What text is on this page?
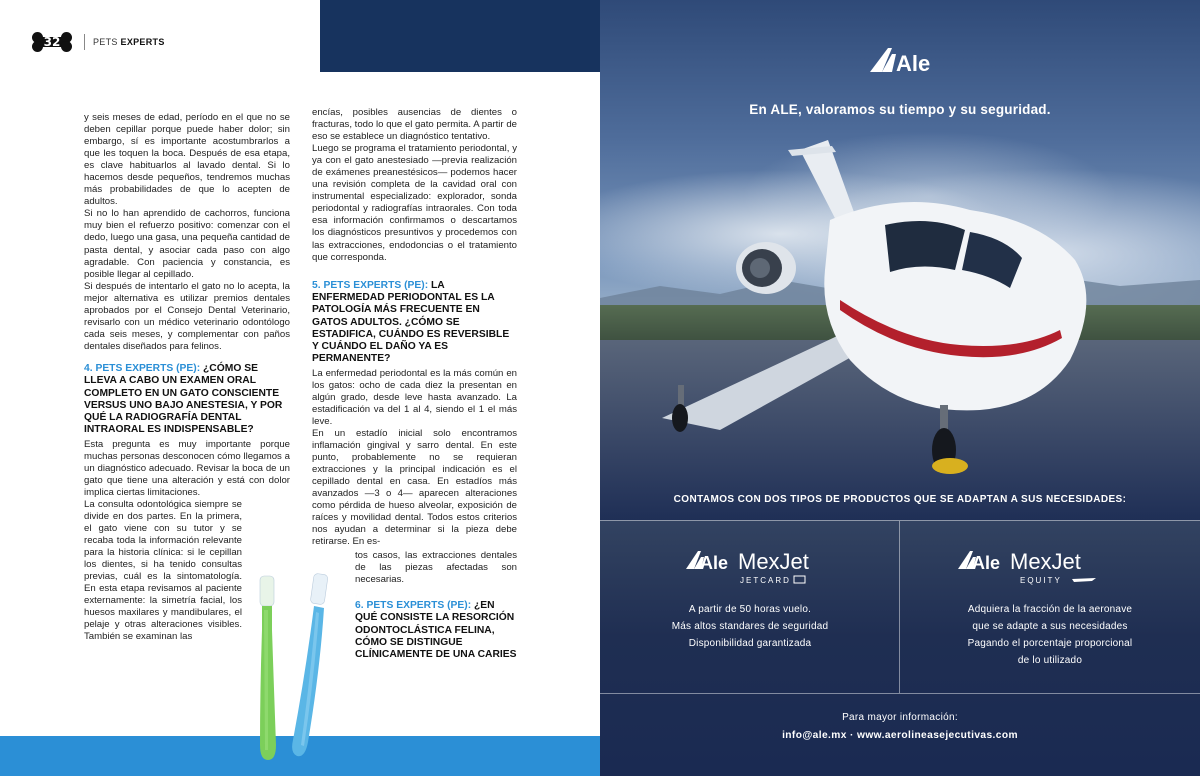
32	PETS EXPERTS

y seis meses de edad, período en el que no se deben cepillar porque puede haber dolor; sin embargo, sí es importante acostumbrarlos a que les toquen la boca. Después de esa etapa, es clave habituarlos al lavado dental. Si lo hacemos desde pequeños, tendremos muchas más probabilidades de que lo acepten de adultos.

Si no lo han aprendido de cachorros, funciona muy bien el refuerzo positivo: comenzar con el dedo, luego una gasa, una pequeña cantidad de pasta dental, y asociar cada paso con algo agradable. Con paciencia y constancia, es posible llegar al cepillado.

Si después de intentarlo el gato no lo acepta, la mejor alternativa es utilizar premios dentales aprobados por el Consejo Dental Veterinario, revisarlo con un médico veterinario odontólogo cada seis meses, y complementar con paños dentales diseñados para felinos.

4. PETS EXPERTS (PE): ¿CÓMO SE LLEVA A CABO UN EXAMEN ORAL COMPLETO EN UN GATO CONSCIENTE VERSUS UNO BAJO ANESTESIA, Y POR QUÉ LA RADIOGRAFÍA DENTAL INTRAORAL ES INDISPENSABLE?

Esta pregunta es muy importante porque muchas personas desconocen cómo llegamos a un diagnóstico adecuado. Revisar la boca de un gato que tiene una alteración y está con dolor implica ciertas limitaciones.

La consulta odontológica siempre se divide en dos partes. En la primera, el gato viene con su tutor y se recaba toda la información relevante para la historia clínica: si le cepillan los dientes, si ha tenido consultas previas, cuál es la sintomatología. En esta etapa revisamos al paciente externamente: la simetría facial, los huesos maxilares y mandibulares, el pelaje y otras alteraciones visibles. También se examinan las

encías, posibles ausencias de dientes o fracturas, todo lo que el gato permita. A partir de eso se establece un diagnóstico tentativo.

Luego se programa el tratamiento periodontal, y ya con el gato anestesiado —previa realización de exámenes preanestésicos— podemos hacer una revisión completa de la cavidad oral con instrumental especializado: explorador, sonda periodontal y radiografías intraorales. Con toda esa información confirmamos o descartamos los diagnósticos presuntivos y procedemos con las extracciones, endodoncias o el tratamiento que corresponda.

5. PETS EXPERTS (PE): LA ENFERMEDAD PERIODONTAL ES LA PATOLOGÍA MÁS FRECUENTE EN GATOS ADULTOS. ¿CÓMO SE ESTADIFICA, CUÁNDO ES REVERSIBLE Y CUÁNDO EL DAÑO YA ES PERMANENTE?

La enfermedad periodontal es la más común en los gatos: ocho de cada diez la presentan en algún grado, desde leve hasta avanzado. La estadificación va del 1 al 4, siendo el 1 el más leve.

En un estadío inicial solo encontramos inflamación gingival y sarro dental. En este punto, probablemente no se requieran extracciones y la principal indicación es el cepillado dental en casa. En estadíos más avanzados —3 o 4— aparecen alteraciones como pérdida de hueso alveolar, exposición de raíces y movilidad dental. Todos estos criterios nos ayudan a determinar si la pieza debe retirarse. En es-

tos casos, las extracciones dentales de las piezas afectadas son necesarias.

6. PETS EXPERTS (PE): ¿EN QUÉ CONSISTE LA RESORCIÓN ODONTOCLÁSTICA FELINA, CÓMO SE DISTINGUE CLÍNICAMENTE DE UNA CARIES

Ale
En ALE, valoramos su tiempo y su seguridad.
CONTAMOS CON DOS TIPOS DE PRODUCTOS QUE SE ADAPTAN A SUS NECESIDADES:
Ale MexJet
JETCARD
A partir de 50 horas vuelo.
Más altos standares de seguridad
Disponibilidad garantizada
Ale MexJet
EQUITY
Adquiera la fracción de la aeronave
que se adapte a sus necesidades
Pagando el porcentaje proporcional
de lo utilizado
Para mayor información:
info@ale.mx · www.aerolineasejecutivas.com
